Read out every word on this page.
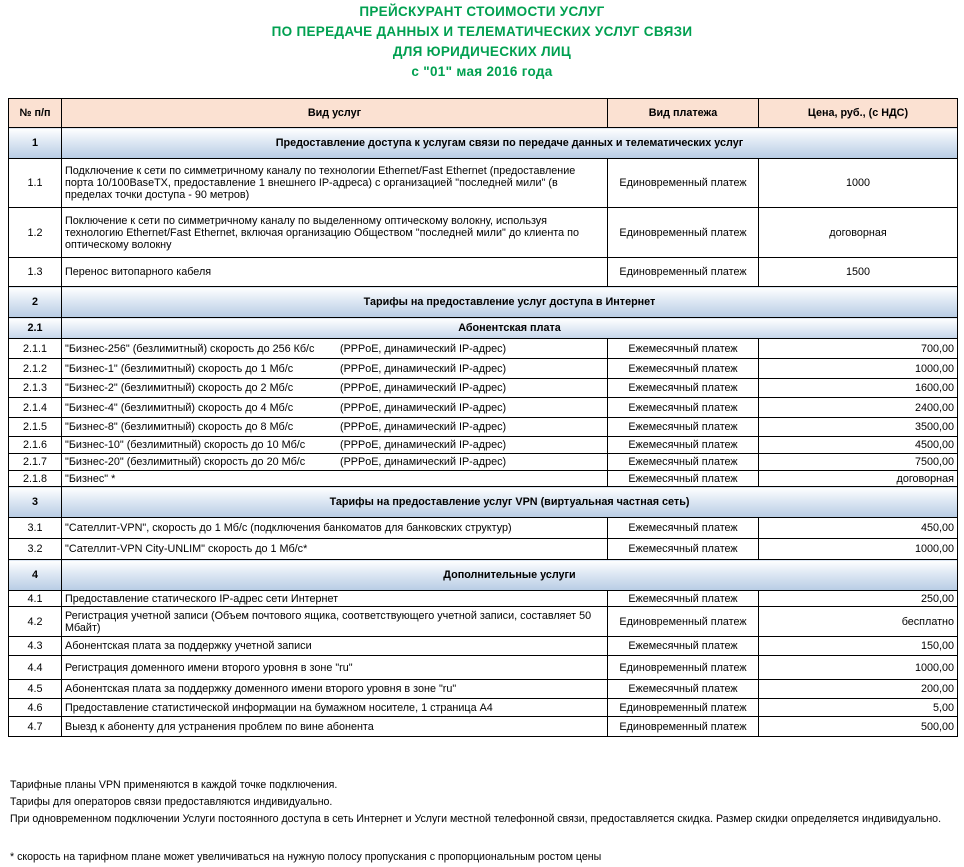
ПРЕЙСКУРАНТ СТОИМОСТИ УСЛУГ
ПО ПЕРЕДАЧЕ ДАННЫХ И ТЕЛЕМАТИЧЕСКИХ УСЛУГ СВЯЗИ
ДЛЯ ЮРИДИЧЕСКИХ ЛИЦ
с "01" мая 2016 года
№ п/п	Вид услуг	Вид платежа	Цена, руб., (с НДС)
1	Предоставление доступа к услугам связи по передаче данных и телематических услуг		
1.1	Подключение к сети по симметричному каналу по технологии Ethernet/Fast Ethernet (предоставление порта 10/100BaseTX, предоставление 1 внешнего IP-адреса) с организацией "последней мили" (в пределах точки доступа - 90 метров)	Единовременный платеж	1000
1.2	Поключение к сети по симметричному каналу по выделенному оптическому волокну, используя технологию Ethernet/Fast Ethernet, включая организацию Обществом "последней мили" до клиента по оптическому волокну	Единовременный платеж	договорная
1.3	Перенос витопарного кабеля	Единовременный платеж	1500
2	Тарифы на предоставление услуг доступа в Интернет		
2.1	Абонентская плата		
2.1.1	"Бизнес-256" (безлимитный) скорость до 256 Кб/с (PPPoE, динамический IP-адрес)	Ежемесячный платеж	700,00
2.1.2	"Бизнес-1" (безлимитный) скорость до 1 Мб/с (PPPoE, динамический IP-адрес)	Ежемесячный платеж	1000,00
2.1.3	"Бизнес-2" (безлимитный) скорость до 2 Мб/с (PPPoE, динамический IP-адрес)	Ежемесячный платеж	1600,00
2.1.4	"Бизнес-4" (безлимитный) скорость до 4 Мб/с (PPPoE, динамический IP-адрес)	Ежемесячный платеж	2400,00
2.1.5	"Бизнес-8" (безлимитный) скорость до 8 Мб/с (PPPoE, динамический IP-адрес)	Ежемесячный платеж	3500,00
2.1.6	"Бизнес-10" (безлимитный) скорость до 10 Мб/с (PPPoE, динамический IP-адрес)	Ежемесячный платеж	4500,00
2.1.7	"Бизнес-20" (безлимитный) скорость до 20 Мб/с (PPPoE, динамический IP-адрес)	Ежемесячный платеж	7500,00
2.1.8	"Бизнес" *	Ежемесячный платеж	договорная
3	Тарифы на предоставление услуг VPN (виртуальная частная сеть)		
3.1	"Сателлит-VPN", скорость до 1 Мб/с (подключения банкоматов для банковских структур)	Ежемесячный платеж	450,00
3.2	"Сателлит-VPN City-UNLIM" скорость до 1 Мб/с*	Ежемесячный платеж	1000,00
4	Дополнительные услуги		
4.1	Предоставление статического IP-адрес сети Интернет	Ежемесячный платеж	250,00
4.2	Регистрация учетной записи (Объем почтового ящика, соответствующего учетной записи, составляет 50 Мбайт)	Единовременный платеж	бесплатно
4.3	Абонентская плата за поддержку учетной записи	Ежемесячный платеж	150,00
4.4	Регистрация доменного имени второго уровня в зоне "ru"	Единовременный платеж	1000,00
4.5	Абонентская плата за поддержку доменного имени второго уровня в зоне "ru"	Ежемесячный платеж	200,00
4.6	Предоставление статистической информации на бумажном носителе, 1 страница А4	Единовременный платеж	5,00
4.7	Выезд к абоненту для устранения проблем по вине абонента	Единовременный платеж	500,00
Тарифные планы VPN применяются в каждой точке подключения.
Тарифы для операторов связи предоставляются индивидуально.
При одновременном подключении Услуги постоянного доступа в сеть Интернет и Услуги местной телефонной связи, предоставляется скидка. Размер скидки определяется индивидуально.
* скорость на тарифном плане может увеличиваться на нужную полосу пропускания с пропорциональным ростом цены
